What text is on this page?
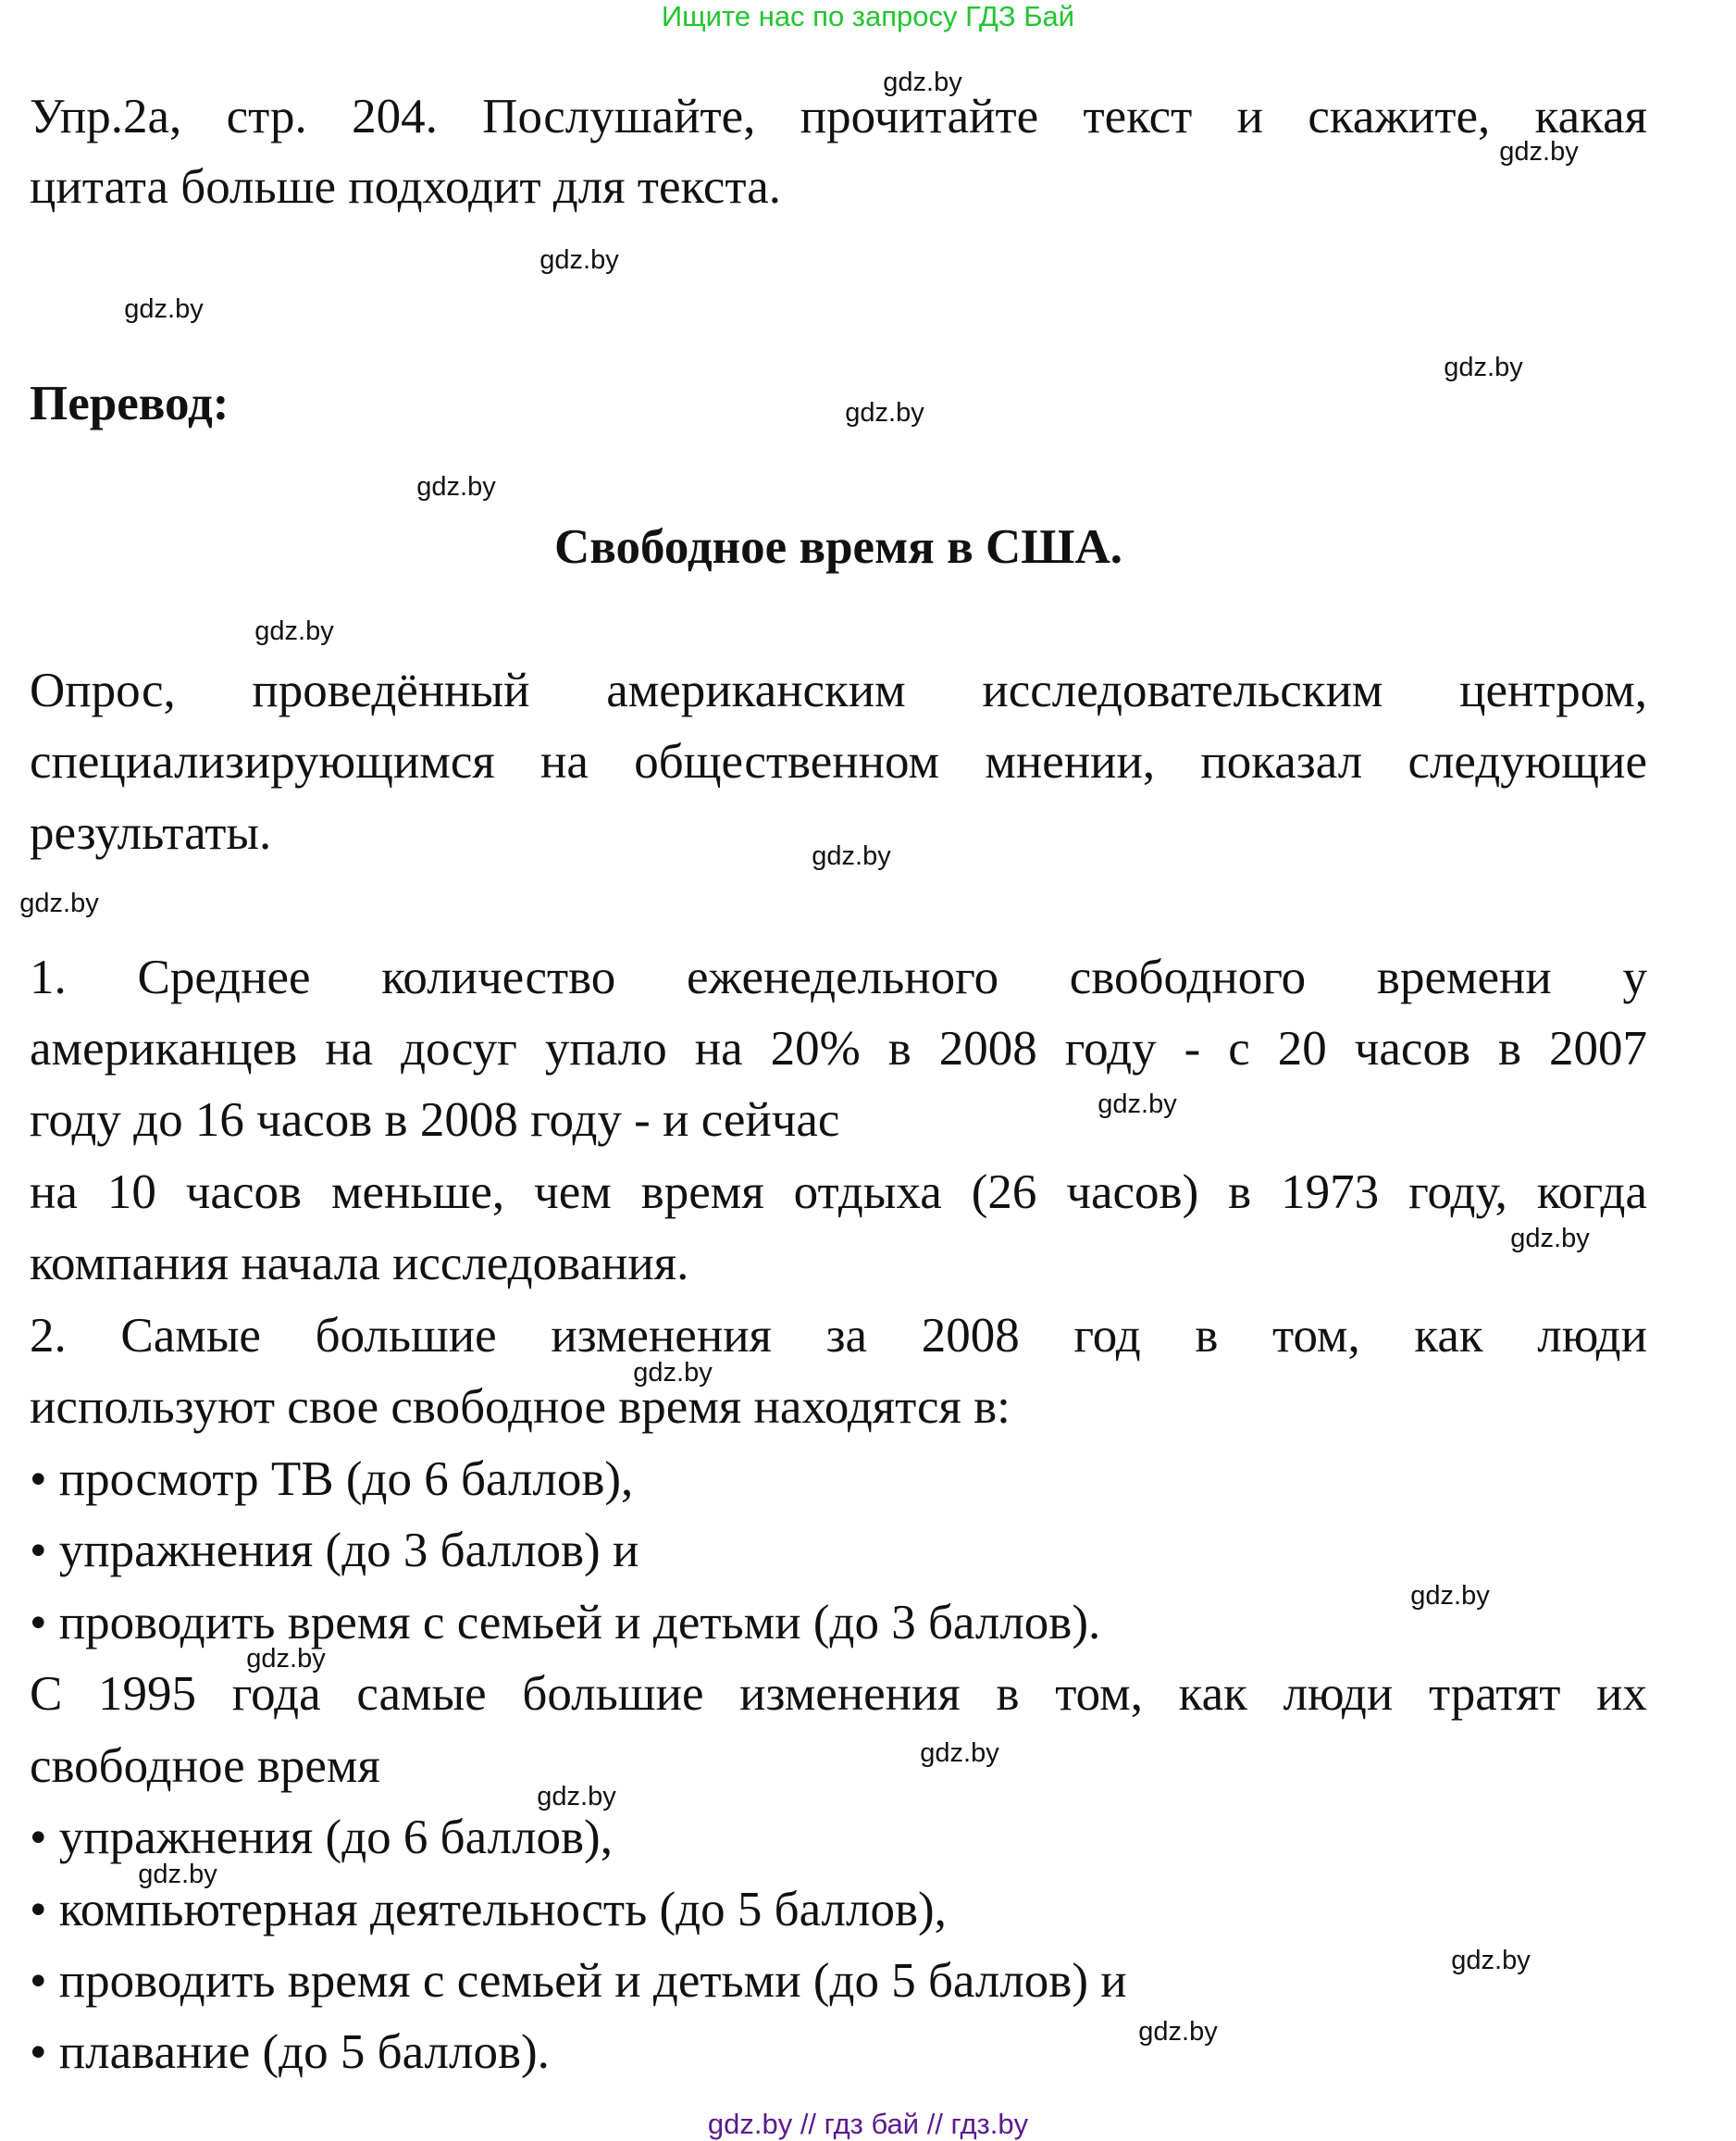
Ищите нас по запросу ГДЗ Бай
Упр.2а, стр. 204. Послушайте, прочитайте текст и скажите, какая
цитата больше подходит для текста.
Перевод:
Свободное время в США.
Опрос, проведённый американским исследовательским центром,
специализирующимся на общественном мнении, показал следующие
результаты.
1. Среднее количество еженедельного свободного времени у
американцев на досуг упало на 20% в 2008 году - с 20 часов в 2007
году до 16 часов в 2008 году - и сейчас
на 10 часов меньше, чем время отдыха (26 часов) в 1973 году, когда
компания начала исследования.
2. Самые большие изменения за 2008 год в том, как люди
используют свое свободное время находятся в:
• просмотр ТВ (до 6 баллов),
• упражнения (до 3 баллов) и
• проводить время с семьей и детьми (до 3 баллов).
С 1995 года самые большие изменения в том, как люди тратят их
свободное время
• упражнения (до 6 баллов),
• компьютерная деятельность (до 5 баллов),
• проводить время с семьей и детьми (до 5 баллов) и
• плавание (до 5 баллов).
gdz.by
gdz.by
gdz.by
gdz.by
gdz.by
gdz.by
gdz.by
gdz.by
gdz.by
gdz.by
gdz.by
gdz.by
gdz.by
gdz.by
gdz.by
gdz.by
gdz.by
gdz.by
gdz.by
gdz.by
gdz.by // гдз бай // гдз.by
